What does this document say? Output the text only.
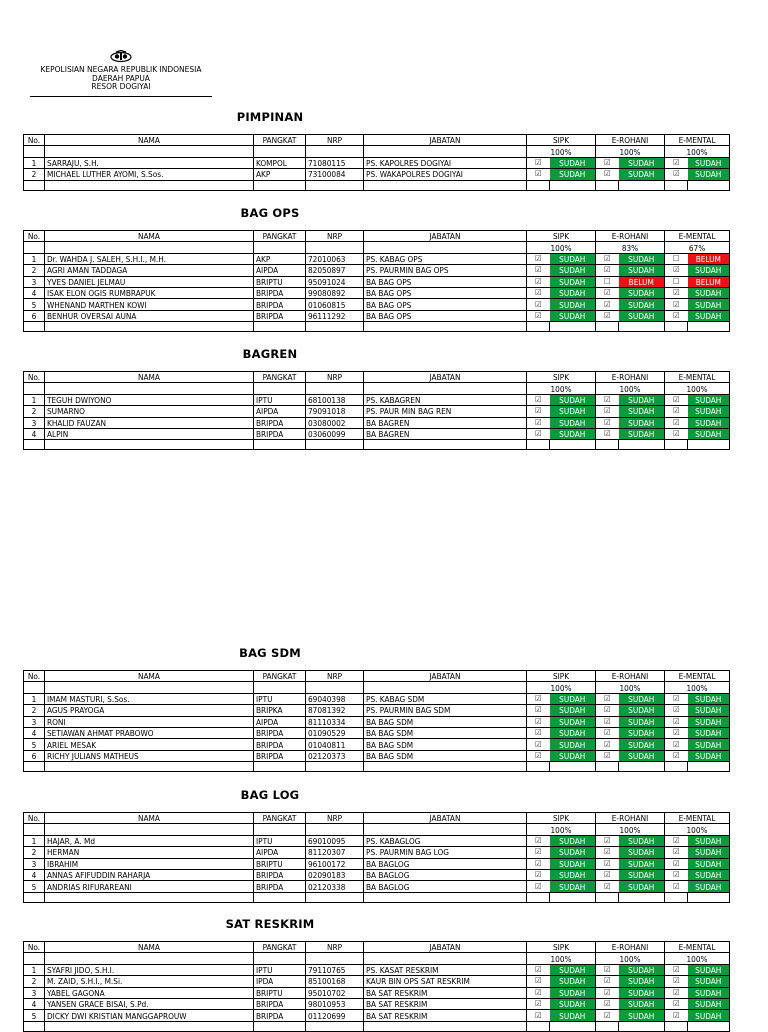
KEPOLISIAN NEGARA REPUBLIK INDONESIA
DAERAH PAPUA
RESOR DOGIYAI
PIMPINAN
BAG OPS
BAGREN
BAG SDM
BAG LOG
SAT RESKRIM
No.	NAMA	PANGKAT	NRP	JABATAN	SIPK		E-ROHANI		E-MENTAL	
					100%		100%		100%	
1	SARRAJU, S.H.	KOMPOL	71080115	PS. KAPOLRES DOGIYAI	☑	SUDAH	☑	SUDAH	☑	SUDAH
2	MICHAEL LUTHER AYOMI, S.Sos.	AKP	73100084	PS. WAKAPOLRES DOGIYAI	☑	SUDAH	☑	SUDAH	☑	SUDAH

No.	NAMA	PANGKAT	NRP	JABATAN	SIPK		E-ROHANI		E-MENTAL	
					100%		83%		67%	
1	Dr. WAHDA J. SALEH, S.H.I., M.H.	AKP	72010063	PS. KABAG OPS	☑	SUDAH	☑	SUDAH	☐	BELUM
2	AGRI AMAN TADDAGA	AIPDA	82050897	PS. PAURMIN BAG OPS	☑	SUDAH	☑	SUDAH	☑	SUDAH
3	YVES DANIEL JELMAU	BRIPTU	95091024	BA BAG OPS	☑	SUDAH	☐	BELUM	☐	BELUM
4	ISAK ELON OGIS RUMBRAPUK	BRIPDA	99080892	BA BAG OPS	☑	SUDAH	☑	SUDAH	☑	SUDAH
5	WHENAND MARTHEN KOWI	BRIPDA	01060815	BA BAG OPS	☑	SUDAH	☑	SUDAH	☑	SUDAH
6	BENHUR OVERSAI AUNA	BRIPDA	96111292	BA BAG OPS	☑	SUDAH	☑	SUDAH	☑	SUDAH

No.	NAMA	PANGKAT	NRP	JABATAN	SIPK		E-ROHANI		E-MENTAL	
					100%		100%		100%	
1	TEGUH DWIYONO	IPTU	68100138	PS. KABAGREN	☑	SUDAH	☑	SUDAH	☑	SUDAH
2	SUMARNO	AIPDA	79091018	PS. PAUR MIN BAG REN	☑	SUDAH	☑	SUDAH	☑	SUDAH
3	KHALID FAUZAN	BRIPDA	03080002	BA BAGREN	☑	SUDAH	☑	SUDAH	☑	SUDAH
4	ALPIN	BRIPDA	03060099	BA BAGREN	☑	SUDAH	☑	SUDAH	☑	SUDAH

No.	NAMA	PANGKAT	NRP	JABATAN	SIPK		E-ROHANI		E-MENTAL	
					100%		100%		100%	
1	IMAM MASTURI, S.Sos.	IPTU	69040398	PS. KABAG SDM	☑	SUDAH	☑	SUDAH	☑	SUDAH
2	AGUS PRAYOGA	BRIPKA	87081392	PS. PAURMIN BAG SDM	☑	SUDAH	☑	SUDAH	☑	SUDAH
3	RONI	AIPDA	81110334	BA BAG SDM	☑	SUDAH	☑	SUDAH	☑	SUDAH
4	SETIAWAN AHMAT PRABOWO	BRIPDA	01090529	BA BAG SDM	☑	SUDAH	☑	SUDAH	☑	SUDAH
5	ARIEL MESAK	BRIPDA	01040811	BA BAG SDM	☑	SUDAH	☑	SUDAH	☑	SUDAH
6	RICHY JULIANS MATHEUS	BRIPDA	02120373	BA BAG SDM	☑	SUDAH	☑	SUDAH	☑	SUDAH

No.	NAMA	PANGKAT	NRP	JABATAN	SIPK		E-ROHANI		E-MENTAL	
					100%		100%		100%	
1	HAJAR, A. Md	IPTU	69010095	PS. KABAGLOG	☑	SUDAH	☑	SUDAH	☑	SUDAH
2	HERMAN	AIPDA	81120307	PS. PAURMIN BAG LOG	☑	SUDAH	☑	SUDAH	☑	SUDAH
3	IBRAHIM	BRIPTU	96100172	BA BAGLOG	☑	SUDAH	☑	SUDAH	☑	SUDAH
4	ANNAS AFIFUDDIN RAHARJA	BRIPDA	02090183	BA BAGLOG	☑	SUDAH	☑	SUDAH	☑	SUDAH
5	ANDRIAS RIFURAREANI	BRIPDA	02120338	BA BAGLOG	☑	SUDAH	☑	SUDAH	☑	SUDAH

No.	NAMA	PANGKAT	NRP	JABATAN	SIPK		E-ROHANI		E-MENTAL	
					100%		100%		100%	
1	SYAFRI JIDO, S.H.I.	IPTU	79110765	PS. KASAT RESKRIM	☑	SUDAH	☑	SUDAH	☑	SUDAH
2	M. ZAID, S.H.I., M.Si.	IPDA	85100168	KAUR BIN OPS SAT RESKRIM	☑	SUDAH	☑	SUDAH	☑	SUDAH
3	YABEL GAGONA	BRIPTU	95010702	BA SAT RESKRIM	☑	SUDAH	☑	SUDAH	☑	SUDAH
4	YANSEN GRACE BISAI, S.Pd.	BRIPDA	98010953	BA SAT RESKRIM	☑	SUDAH	☑	SUDAH	☑	SUDAH
5	DICKY DWI KRISTIAN MANGGAPROUW	BRIPDA	01120699	BA SAT RESKRIM	☑	SUDAH	☑	SUDAH	☑	SUDAH
